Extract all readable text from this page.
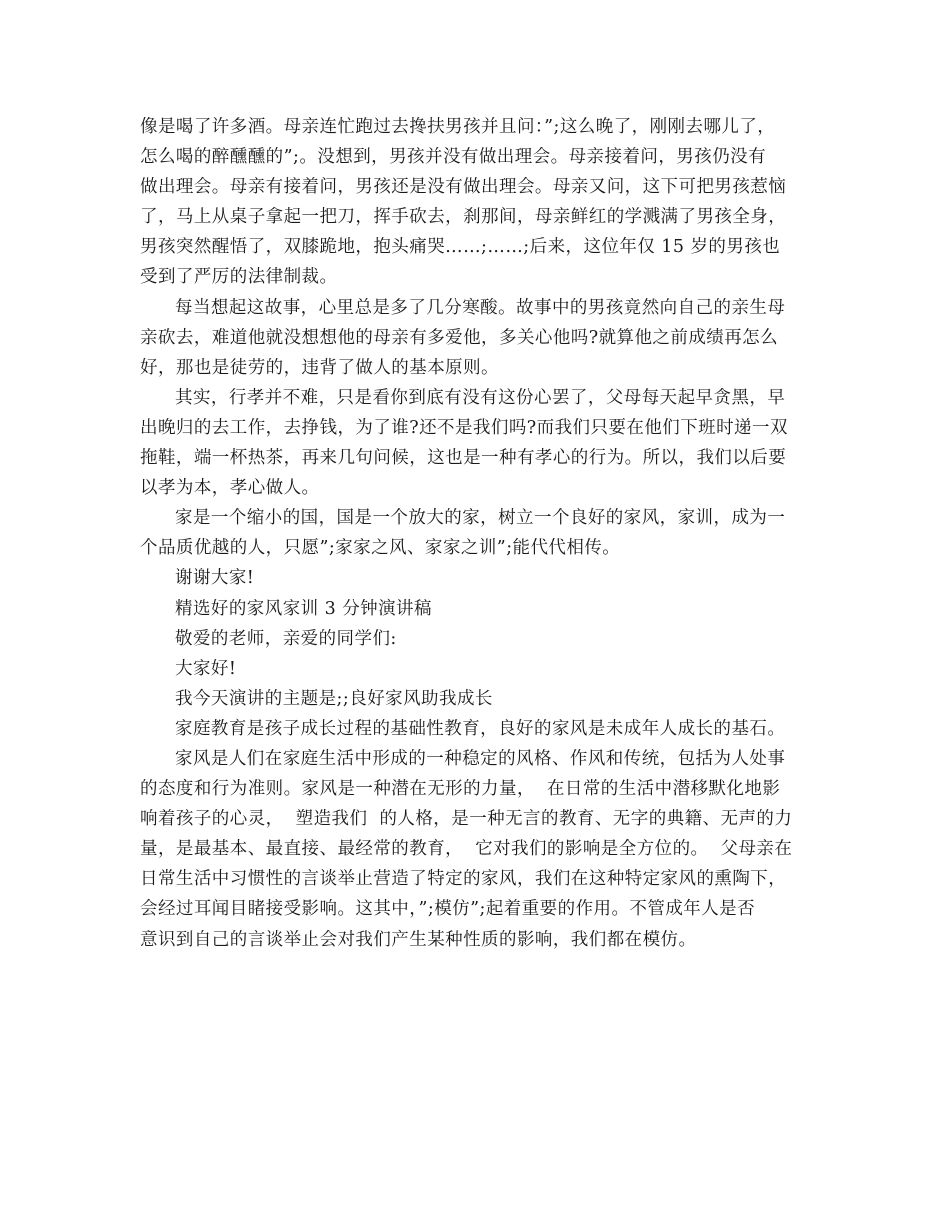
像是喝了许多酒。母亲连忙跑过去搀扶男孩并且问：”;这么晚了，刚刚去哪儿了，
怎么喝的醉醺醺的”;。没想到，男孩并没有做出理会。母亲接着问，男孩仍没有
做出理会。母亲有接着问，男孩还是没有做出理会。母亲又问，这下可把男孩惹恼
了，马上从桌子拿起一把刀，挥手砍去，刹那间，母亲鲜红的学溅满了男孩全身，
男孩突然醒悟了，双膝跪地，抱头痛哭……;……;后来，这位年仅 15 岁的男孩也
受到了严厉的法律制裁。
每当想起这故事，心里总是多了几分寒酸。故事中的男孩竟然向自己的亲生母
亲砍去，难道他就没想想他的母亲有多爱他，多关心他吗?就算他之前成绩再怎么
好，那也是徒劳的，违背了做人的基本原则。
其实，行孝并不难，只是看你到底有没有这份心罢了，父母每天起早贪黑，早
出晚归的去工作，去挣钱，为了谁?还不是我们吗?而我们只要在他们下班时递一双
拖鞋，端一杯热茶，再来几句问候，这也是一种有孝心的行为。所以，我们以后要
以孝为本，孝心做人。
家是一个缩小的国，国是一个放大的家，树立一个良好的家风，家训，成为一
个品质优越的人，只愿”;家家之风、家家之训”;能代代相传。
谢谢大家!
精选好的家风家训 3 分钟演讲稿
敬爱的老师，亲爱的同学们:
大家好!
我今天演讲的主题是;;良好家风助我成长
家庭教育是孩子成长过程的基础性教育，良好的家风是未成年人成长的基石。
家风是人们在家庭生活中形成的一种稳定的风格、作风和传统，包括为人处事
的态度和行为准则。家风是一种潜在无形的力量，  在日常的生活中潜移默化地影
响着孩子的心灵，  塑造我们  的人格，是一种无言的教育、无字的典籍、无声的力
量，是最基本、最直接、最经常的教育，  它对我们的影响是全方位的。  父母亲在
日常生活中习惯性的言谈举止营造了特定的家风，我们在这种特定家风的熏陶下，
会经过耳闻目睹接受影响。这其中，”;模仿”;起着重要的作用。不管成年人是否
意识到自己的言谈举止会对我们产生某种性质的影响，我们都在模仿。
